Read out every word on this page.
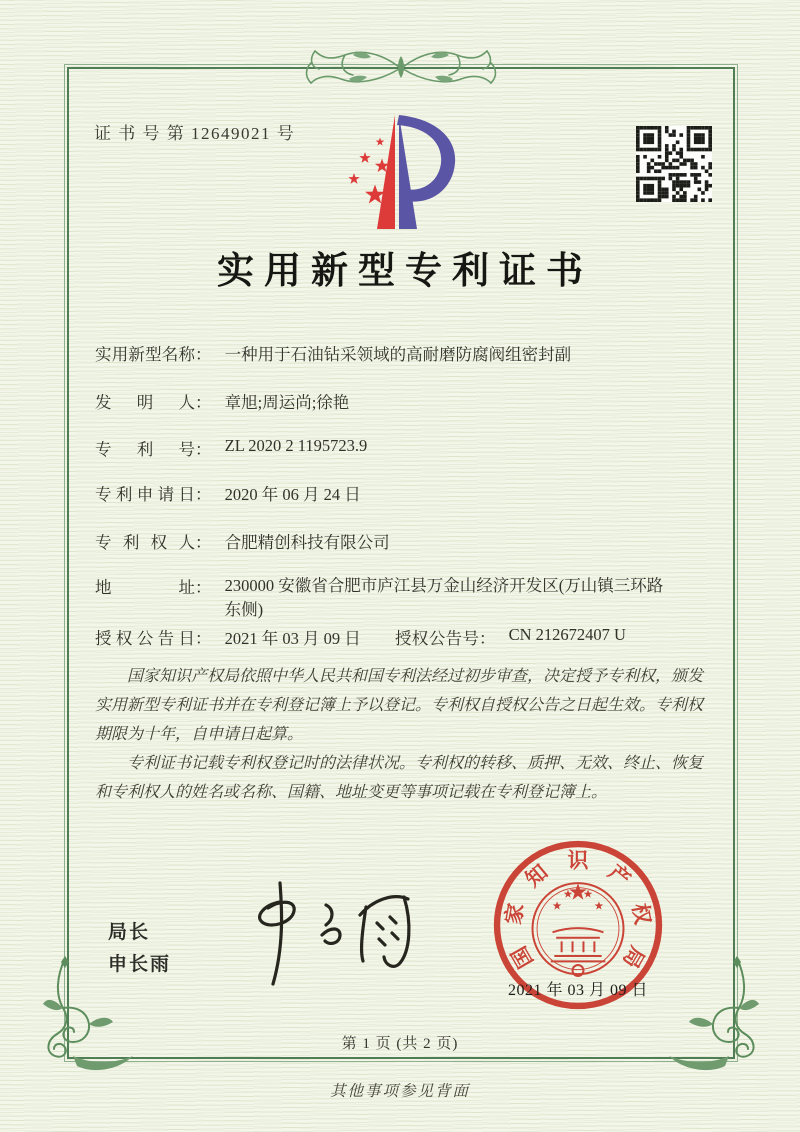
证 书 号 第 12649021 号
实用新型专利证书
实用新型名称： 一种用于石油钻采领域的高耐磨防腐阀组密封副
发明人： 章旭;周运尚;徐艳
专利号： ZL 2020 2 1195723.9
专利申请日： 2020 年 06 月 24 日
专利权人： 合肥精创科技有限公司
地址： 230000 安徽省合肥市庐江县万金山经济开发区(万山镇三环路东侧)
授权公告日： 2021 年 03 月 09 日 授权公告号： CN 212672407 U

国家知识产权局依照中华人民共和国专利法经过初步审查，决定授予专利权，颁发实用新型专利证书并在专利登记簿上予以登记。专利权自授权公告之日起生效。专利权期限为十年，自申请日起算。

专利证书记载专利权登记时的法律状况。专利权的转移、质押、无效、终止、恢复和专利权人的姓名或名称、国籍、地址变更等事项记载在专利登记簿上。

局长
申长雨	国
家
知 识 产
权
局
2021 年 03 月 09 日
第 1 页 (共 2 页)
其他事项参见背面
